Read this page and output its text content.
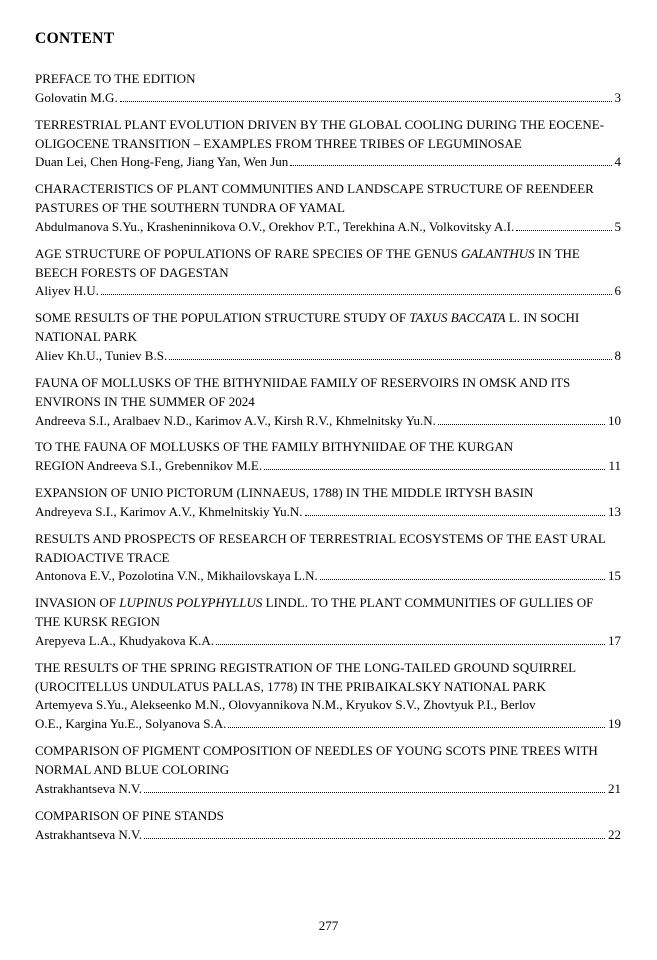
CONTENT
PREFACE TO THE EDITION
Golovatin M.G.	3
TERRESTRIAL PLANT EVOLUTION DRIVEN BY THE GLOBAL COOLING DURING THE EOCENE-OLIGOCENE TRANSITION – EXAMPLES FROM THREE TRIBES OF LEGUMINOSAE
Duan Lei, Chen Hong-Feng, Jiang Yan, Wen Jun	4
CHARACTERISTICS OF PLANT COMMUNITIES AND LANDSCAPE STRUCTURE OF REENDEER PASTURES OF THE SOUTHERN TUNDRA OF YAMAL
Abdulmanova S.Yu., Krasheninnikova O.V., Orekhov P.T., Terekhina A.N., Volkovitsky A.I.	5
AGE STRUCTURE OF POPULATIONS OF RARE SPECIES OF THE GENUS GALANTHUS IN THE BEECH FORESTS OF DAGESTAN
Aliyev H.U.	6
SOME RESULTS OF THE POPULATION STRUCTURE STUDY OF TAXUS BACCATA L. IN SOCHI NATIONAL PARK
Aliev Kh.U., Tuniev B.S.	8
FAUNA OF MOLLUSKS OF THE BITHYNIIDAE FAMILY OF RESERVOIRS IN OMSK AND ITS ENVIRONS IN THE SUMMER OF 2024
Andreeva S.I., Aralbaev N.D., Karimov A.V., Kirsh R.V., Khmelnitsky Yu.N.	10
TO THE FAUNA OF MOLLUSKS OF THE FAMILY BITHYNIIDAE OF THE KURGAN
REGION Andreeva S.I., Grebennikov M.E.	11
EXPANSION OF UNIO PICTORUM (LINNAEUS, 1788) IN THE MIDDLE IRTYSH BASIN
Andreyeva S.I., Karimov A.V., Khmelnitskiy Yu.N.	13
RESULTS AND PROSPECTS OF RESEARCH OF TERRESTRIAL ECOSYSTEMS OF THE EAST URAL RADIOACTIVE TRACE
Antonova E.V., Pozolotina V.N., Mikhailovskaya L.N.	15
INVASION OF LUPINUS POLYPHYLLUS LINDL. TO THE PLANT COMMUNITIES OF GULLIES OF THE KURSK REGION
Arepyeva L.A., Khudyakova K.A.	17
THE RESULTS OF THE SPRING REGISTRATION OF THE LONG-TAILED GROUND SQUIRREL (UROCITELLUS UNDULATUS PALLAS, 1778) IN THE PRIBAIKALSKY NATIONAL PARK
Artemyeva S.Yu., Alekseenko M.N., Olovyannikova N.M., Kryukov S.V., Zhovtyuk P.I., Berlov
O.E., Kargina Yu.E., Solyanova S.A.	19
COMPARISON OF PIGMENT COMPOSITION OF NEEDLES OF YOUNG SCOTS PINE TREES WITH NORMAL AND BLUE COLORING
Astrakhantseva N.V.	21
COMPARISON OF PINE STANDS
Astrakhantseva N.V.	22
277
